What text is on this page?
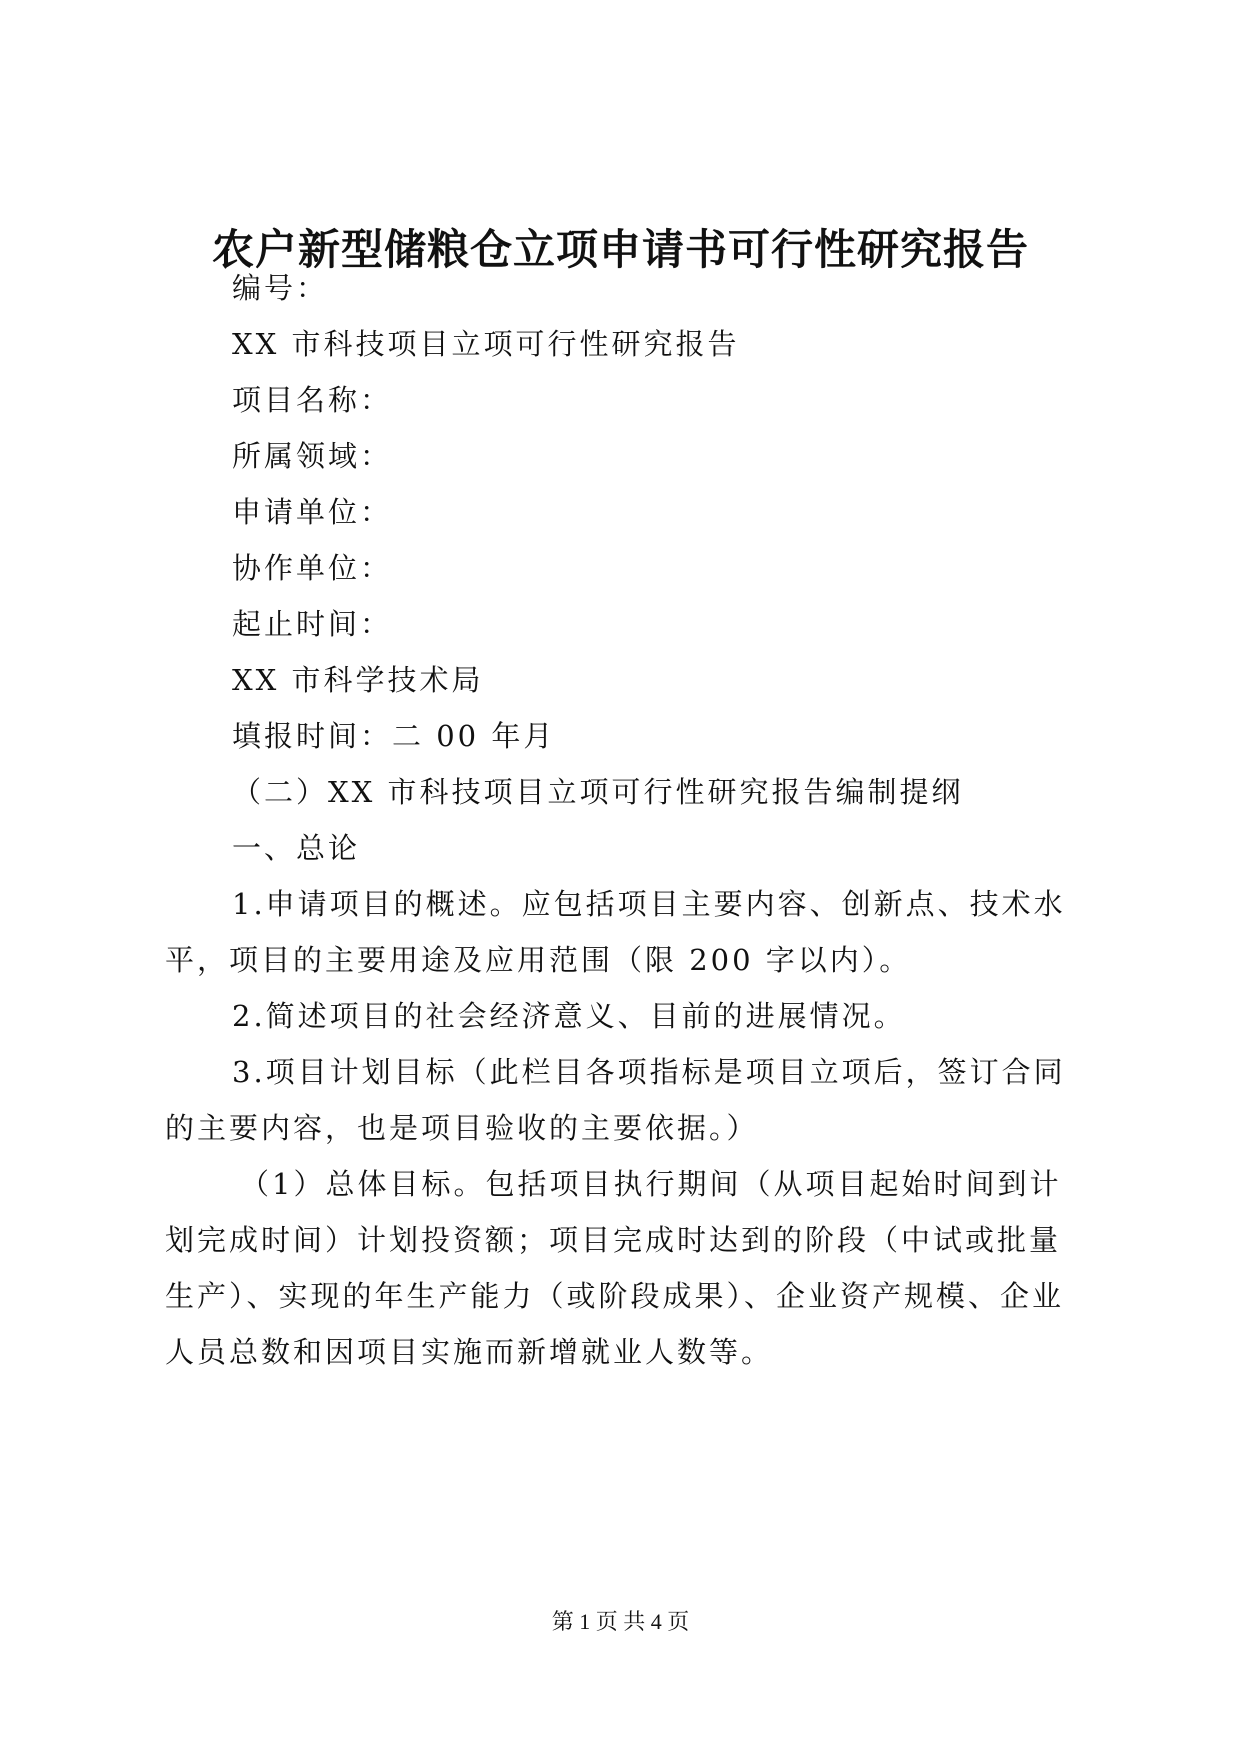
农户新型储粮仓立项申请书可行性研究报告
编号：
XX 市科技项目立项可行性研究报告
项目名称：
所属领域：
申请单位：
协作单位：
起止时间：
XX 市科学技术局
填报时间：二 00 年月
（二）XX 市科技项目立项可行性研究报告编制提纲
一、总论
1.申请项目的概述。应包括项目主要内容、创新点、技术水
平，项目的主要用途及应用范围（限 200 字以内）。
2.简述项目的社会经济意义、目前的进展情况。
3.项目计划目标（此栏目各项指标是项目立项后，签订合同
的主要内容，也是项目验收的主要依据。）
（1）总体目标。包括项目执行期间（从项目起始时间到计
划完成时间）计划投资额；项目完成时达到的阶段（中试或批量
生产）、实现的年生产能力（或阶段成果）、企业资产规模、企业
人员总数和因项目实施而新增就业人数等。
第 1 页 共 4 页
